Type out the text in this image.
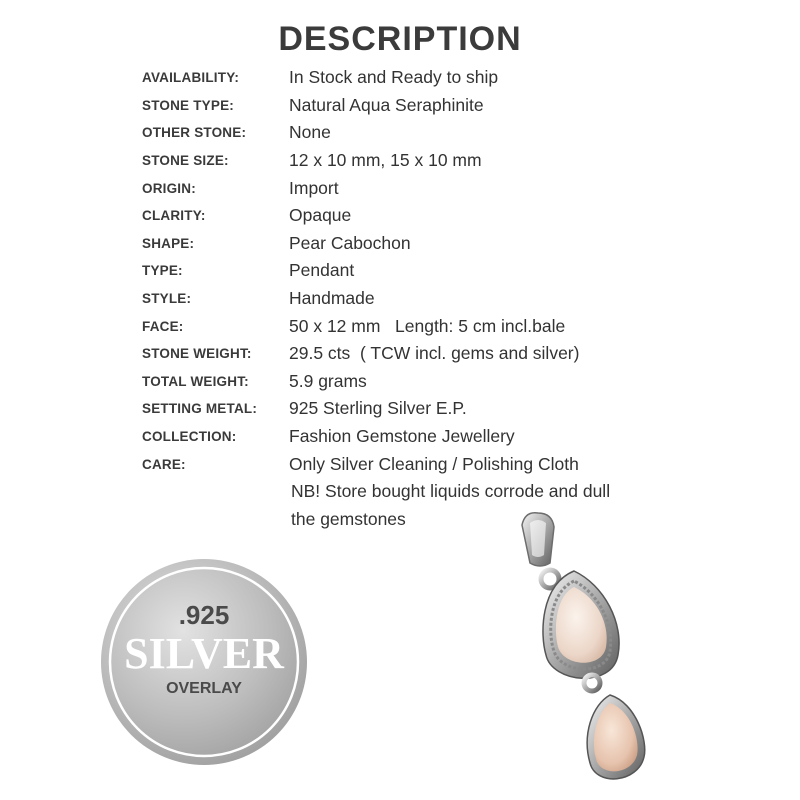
DESCRIPTION
AVAILABILITY:	In Stock and Ready to ship
STONE TYPE:	Natural Aqua Seraphinite
OTHER STONE:	None
STONE SIZE:	12 x 10 mm, 15 x 10 mm
ORIGIN:	Import
CLARITY:	Opaque
SHAPE:	Pear Cabochon
TYPE:	Pendant
STYLE:	Handmade
FACE:	50 x 12 mm   Length: 5 cm incl.bale
STONE WEIGHT:	29.5 cts  ( TCW incl. gems and silver)
TOTAL WEIGHT:	5.9 grams
SETTING METAL:	925 Sterling Silver E.P.
COLLECTION:	Fashion Gemstone Jewellery
CARE:	Only Silver Cleaning / Polishing Cloth
NB! Store bought liquids corrode and dull
the gemstones
.925
SILVER
OVERLAY
